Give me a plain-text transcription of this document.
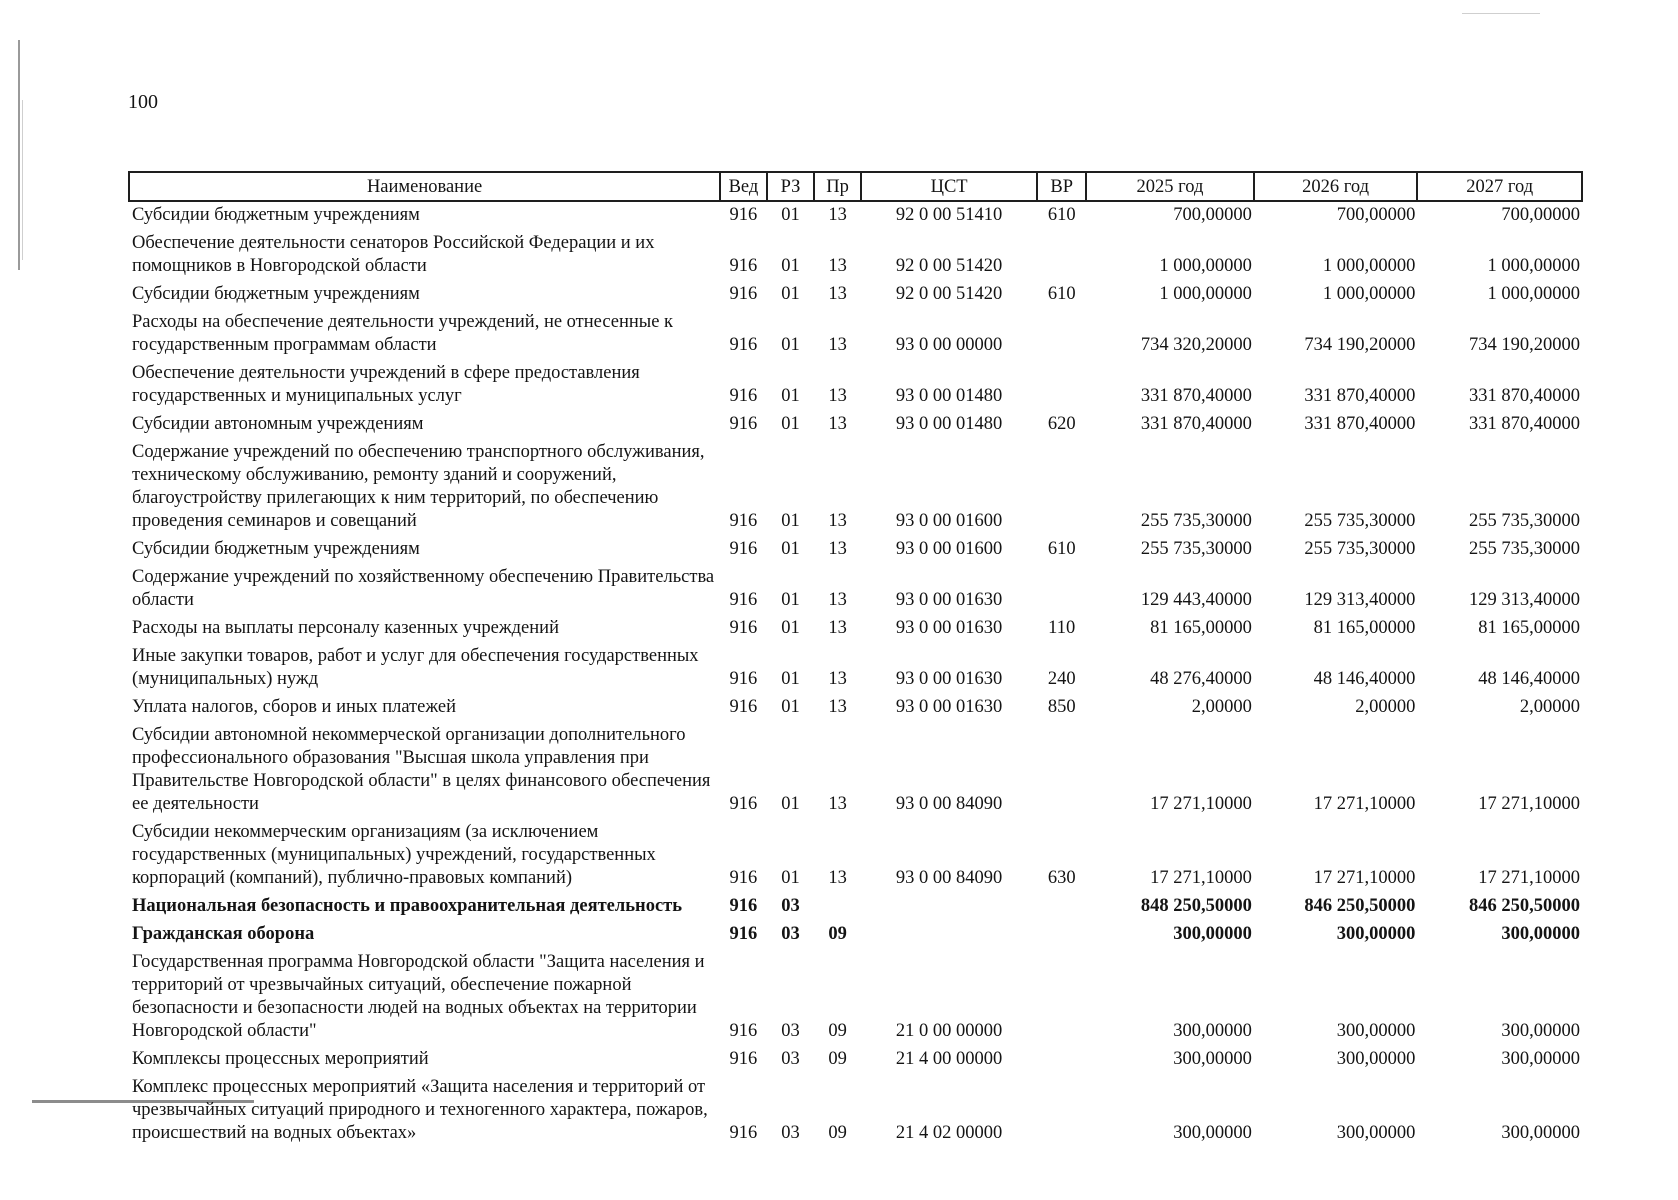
100
Наименование	Вед	РЗ	Пр	ЦСТ	ВР	2025 год	2026 год	2027 год
Субсидии бюджетным учреждениям	916	01	13	92 0 00 51410	610	700,00000	700,00000	700,00000
Обеспечение деятельности сенаторов Российской Федерации и их помощников в Новгородской области	916	01	13	92 0 00 51420		1 000,00000	1 000,00000	1 000,00000
Субсидии бюджетным учреждениям	916	01	13	92 0 00 51420	610	1 000,00000	1 000,00000	1 000,00000
Расходы на обеспечение деятельности учреждений, не отнесенные к государственным программам области	916	01	13	93 0 00 00000		734 320,20000	734 190,20000	734 190,20000
Обеспечение деятельности учреждений в сфере предоставления государственных и муниципальных услуг	916	01	13	93 0 00 01480		331 870,40000	331 870,40000	331 870,40000
Субсидии автономным учреждениям	916	01	13	93 0 00 01480	620	331 870,40000	331 870,40000	331 870,40000
Содержание учреждений по обеспечению транспортного обслуживания, техническому обслуживанию, ремонту зданий и сооружений, благоустройству прилегающих к ним территорий, по обеспечению проведения семинаров и совещаний	916	01	13	93 0 00 01600		255 735,30000	255 735,30000	255 735,30000
Субсидии бюджетным учреждениям	916	01	13	93 0 00 01600	610	255 735,30000	255 735,30000	255 735,30000
Содержание учреждений по хозяйственному обеспечению Правительства области	916	01	13	93 0 00 01630		129 443,40000	129 313,40000	129 313,40000
Расходы на выплаты персоналу казенных учреждений	916	01	13	93 0 00 01630	110	81 165,00000	81 165,00000	81 165,00000
Иные закупки товаров, работ и услуг для обеспечения государственных (муниципальных) нужд	916	01	13	93 0 00 01630	240	48 276,40000	48 146,40000	48 146,40000
Уплата налогов, сборов и иных платежей	916	01	13	93 0 00 01630	850	2,00000	2,00000	2,00000
Субсидии автономной некоммерческой организации дополнительного профессионального образования "Высшая школа управления при Правительстве Новгородской области" в целях финансового обеспечения ее деятельности	916	01	13	93 0 00 84090		17 271,10000	17 271,10000	17 271,10000
Субсидии некоммерческим организациям (за исключением государственных (муниципальных) учреждений, государственных корпораций (компаний), публично-правовых компаний)	916	01	13	93 0 00 84090	630	17 271,10000	17 271,10000	17 271,10000
Национальная безопасность и правоохранительная деятельность	916	03				848 250,50000	846 250,50000	846 250,50000
Гражданская оборона	916	03	09			300,00000	300,00000	300,00000
Государственная программа Новгородской области "Защита населения и территорий от чрезвычайных ситуаций, обеспечение пожарной безопасности и безопасности людей на водных объектах на территории Новгородской области"	916	03	09	21 0 00 00000		300,00000	300,00000	300,00000
Комплексы процессных мероприятий	916	03	09	21 4 00 00000		300,00000	300,00000	300,00000
Комплекс процессных мероприятий «Защита населения и территорий от чрезвычайных ситуаций природного и техногенного характера, пожаров, происшествий на водных объектах»	916	03	09	21 4 02 00000		300,00000	300,00000	300,00000
